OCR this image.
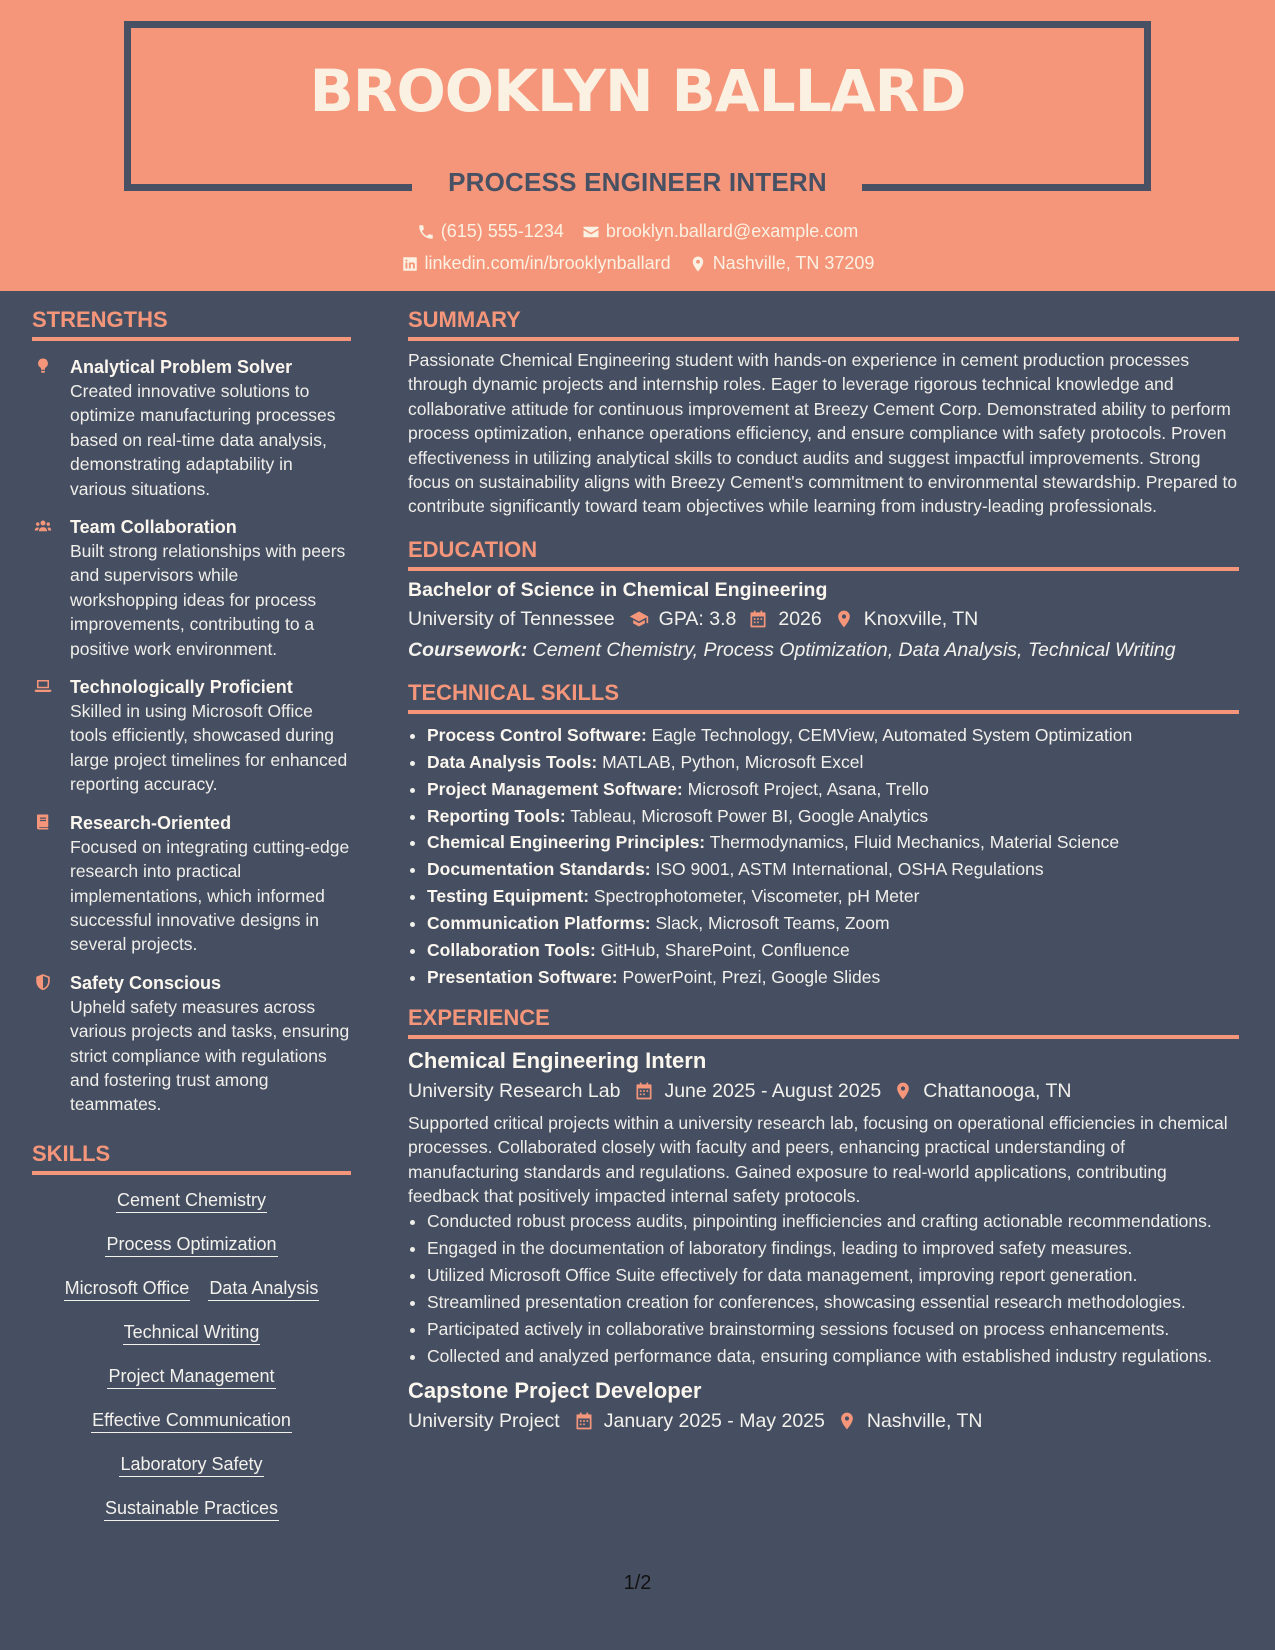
BROOKLYN BALLARD
PROCESS ENGINEER INTERN
(615) 555-1234 brooklyn.ballard@example.com
linkedin.com/in/brooklynballard Nashville, TN 37209
STRENGTHS
Analytical Problem Solver
Created innovative solutions to optimize manufacturing processes based on real-time data analysis, demonstrating adaptability in various situations.
Team Collaboration
Built strong relationships with peers and supervisors while workshopping ideas for process improvements, contributing to a positive work environment.
Technologically Proficient
Skilled in using Microsoft Office tools efficiently, showcased during large project timelines for enhanced reporting accuracy.
Research-Oriented
Focused on integrating cutting-edge research into practical implementations, which informed successful innovative designs in several projects.
Safety Conscious
Upheld safety measures across various projects and tasks, ensuring strict compliance with regulations and fostering trust among teammates.
SKILLS
Cement Chemistry
Process Optimization
Microsoft Office Data Analysis
Technical Writing
Project Management
Effective Communication
Laboratory Safety
Sustainable Practices
SUMMARY
Passionate Chemical Engineering student with hands-on experience in cement production processes through dynamic projects and internship roles. Eager to leverage rigorous technical knowledge and collaborative attitude for continuous improvement at Breezy Cement Corp. Demonstrated ability to perform process optimization, enhance operations efficiency, and ensure compliance with safety protocols. Proven effectiveness in utilizing analytical skills to conduct audits and suggest impactful improvements. Strong focus on sustainability aligns with Breezy Cement's commitment to environmental stewardship. Prepared to contribute significantly toward team objectives while learning from industry-leading professionals.
EDUCATION
Bachelor of Science in Chemical Engineering
University of Tennessee GPA: 3.8 2026 Knoxville, TN
Coursework: Cement Chemistry, Process Optimization, Data Analysis, Technical Writing
TECHNICAL SKILLS
• Process Control Software: Eagle Technology, CEMView, Automated System Optimization
• Data Analysis Tools: MATLAB, Python, Microsoft Excel
• Project Management Software: Microsoft Project, Asana, Trello
• Reporting Tools: Tableau, Microsoft Power BI, Google Analytics
• Chemical Engineering Principles: Thermodynamics, Fluid Mechanics, Material Science
• Documentation Standards: ISO 9001, ASTM International, OSHA Regulations
• Testing Equipment: Spectrophotometer, Viscometer, pH Meter
• Communication Platforms: Slack, Microsoft Teams, Zoom
• Collaboration Tools: GitHub, SharePoint, Confluence
• Presentation Software: PowerPoint, Prezi, Google Slides
EXPERIENCE
Chemical Engineering Intern
University Research Lab June 2025 - August 2025 Chattanooga, TN
Supported critical projects within a university research lab, focusing on operational efficiencies in chemical processes. Collaborated closely with faculty and peers, enhancing practical understanding of manufacturing standards and regulations. Gained exposure to real-world applications, contributing feedback that positively impacted internal safety protocols.
• Conducted robust process audits, pinpointing inefficiencies and crafting actionable recommendations.
• Engaged in the documentation of laboratory findings, leading to improved safety measures.
• Utilized Microsoft Office Suite effectively for data management, improving report generation.
• Streamlined presentation creation for conferences, showcasing essential research methodologies.
• Participated actively in collaborative brainstorming sessions focused on process enhancements.
• Collected and analyzed performance data, ensuring compliance with established industry regulations.
Capstone Project Developer
University Project January 2025 - May 2025 Nashville, TN
1/2
